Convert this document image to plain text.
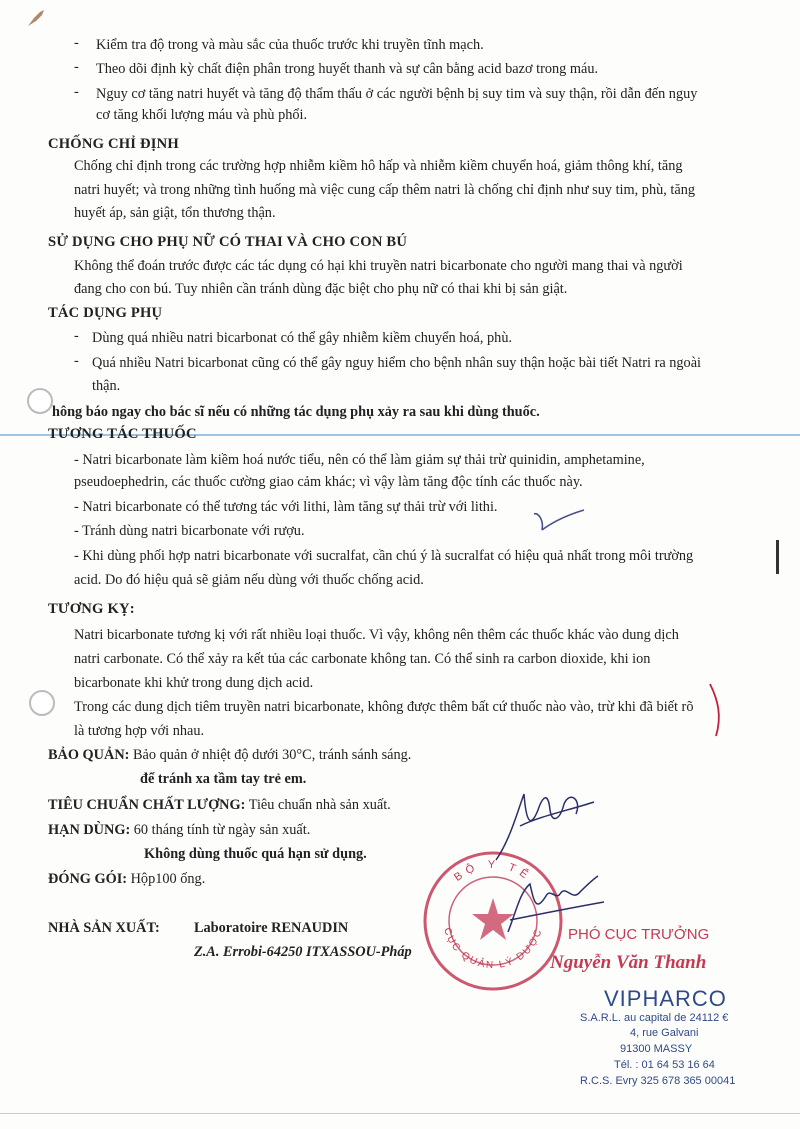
- Kiểm tra độ trong và màu sắc của thuốc trước khi truyền tĩnh mạch.
- Theo dõi định kỳ chất điện phân trong huyết thanh và sự cân bằng acid bazơ trong máu.
- Nguy cơ tăng natri huyết và tăng độ thẩm thấu ở các người bệnh bị suy tim và suy thận, rồi dẫn đến nguy
cơ tăng khối lượng máu và phù phổi.
CHỐNG CHỈ ĐỊNH
Chống chỉ định trong các trường hợp nhiễm kiềm hô hấp và nhiễm kiềm chuyển hoá, giảm thông khí, tăng
natri huyết; và trong những tình huống mà việc cung cấp thêm natri là chống chỉ định như suy tim, phù, tăng
huyết áp, sản giật, tổn thương thận.
SỬ DỤNG CHO PHỤ NỮ CÓ THAI VÀ CHO CON BÚ
Không thể đoán trước được các tác dụng có hại khi truyền natri bicarbonate cho người mang thai và người
đang cho con bú. Tuy nhiên cần tránh dùng đặc biệt cho phụ nữ có thai khi bị sản giật.
TÁC DỤNG PHỤ
- Dùng quá nhiều natri bicarbonat có thể gây nhiễm kiềm chuyển hoá, phù.
- Quá nhiều Natri bicarbonat cũng có thể gây nguy hiểm cho bệnh nhân suy thận hoặc bài tiết Natri ra ngoài
thận.
hông báo ngay cho bác sĩ nếu có những tác dụng phụ xảy ra sau khi dùng thuốc.
TƯƠNG TÁC THUỐC
- Natri bicarbonate làm kiềm hoá nước tiểu, nên có thể làm giảm sự thải trừ quinidin, amphetamine,
pseudoephedrin, các thuốc cường giao cảm khác; vì vậy làm tăng độc tính các thuốc này.
- Natri bicarbonate có thể tương tác với lithi, làm tăng sự thải trừ với lithi.
- Tránh dùng natri bicarbonate với rượu.
- Khi dùng phối hợp natri bicarbonate với sucralfat, cần chú ý là sucralfat có hiệu quả nhất trong môi trường
acid. Do đó hiệu quả sẽ giảm nếu dùng với thuốc chống acid.
TƯƠNG KỴ:
Natri bicarbonate tương kị với rất nhiều loại thuốc. Vì vậy, không nên thêm các thuốc khác vào dung dịch
natri carbonate. Có thể xảy ra kết tủa các carbonate không tan. Có thể sinh ra carbon dioxide, khi ion
bicarbonate khi khử trong dung dịch acid.
Trong các dung dịch tiêm truyền natri bicarbonate, không được thêm bất cứ thuốc nào vào, trừ khi đã biết rõ
là tương hợp với nhau.
BẢO QUẢN: Bảo quản ở nhiệt độ dưới 30°C, tránh sánh sáng.
để tránh xa tầm tay trẻ em.
TIÊU CHUẨN CHẤT LƯỢNG: Tiêu chuẩn nhà sản xuất.
HẠN DÙNG: 60 tháng tính từ ngày sản xuất.
Không dùng thuốc quá hạn sử dụng.
ĐÓNG GÓI: Hộp100 ống.
NHÀ SẢN XUẤT: Laboratoire RENAUDIN
Z.A. Errobi-64250 ITXASSOU-Pháp
BỘ Y TẾ
CỤC QUẢN LÝ DƯỢC PHÓ CỤC TRƯỞNG
Nguyễn Văn Thanh
VIPHARCO
S.A.R.L. au capital de 24112 €
4, rue Galvani
91300 MASSY
Tél. : 01 64 53 16 64
R.C.S. Evry 325 678 365 00041
